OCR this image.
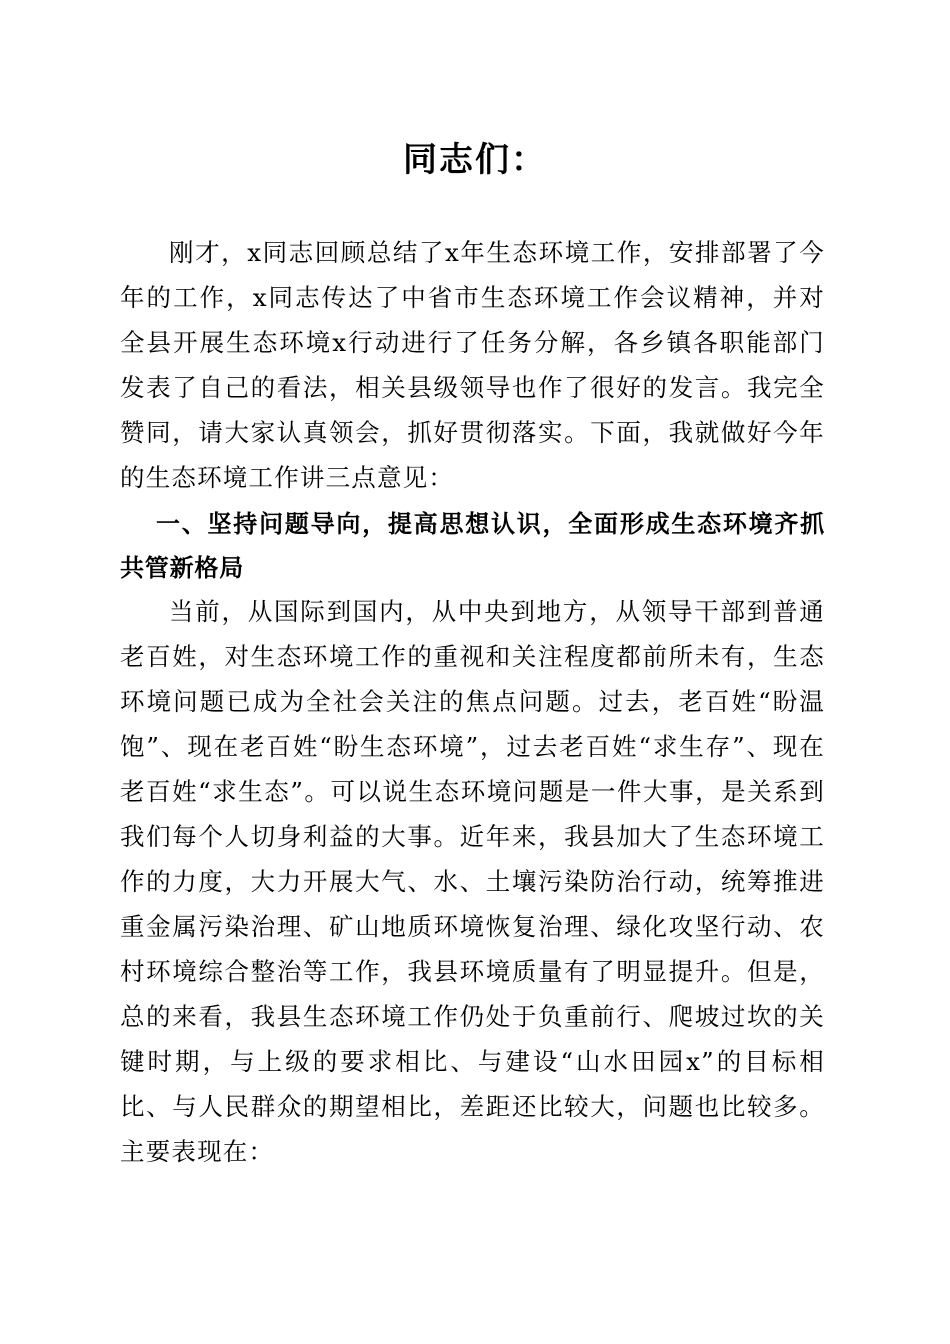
同志们：
刚才，x同志回顾总结了x年生态环境工作，安排部署了今年的工作，x同志传达了中省市生态环境工作会议精神，并对全县开展生态环境x行动进行了任务分解，各乡镇各职能部门发表了自己的看法，相关县级领导也作了很好的发言。我完全赞同，请大家认真领会，抓好贯彻落实。下面，我就做好今年的生态环境工作讲三点意见：
一、坚持问题导向，提高思想认识，全面形成生态环境齐抓共管新格局
当前，从国际到国内，从中央到地方，从领导干部到普通老百姓，对生态环境工作的重视和关注程度都前所未有，生态环境问题已成为全社会关注的焦点问题。过去，老百姓“盼温饱”、现在老百姓“盼生态环境”，过去老百姓“求生存”、现在老百姓“求生态”。可以说生态环境问题是一件大事，是关系到我们每个人切身利益的大事。近年来，我县加大了生态环境工作的力度，大力开展大气、水、土壤污染防治行动，统筹推进重金属污染治理、矿山地质环境恢复治理、绿化攻坚行动、农村环境综合整治等工作，我县环境质量有了明显提升。但是，总的来看，我县生态环境工作仍处于负重前行、爬坡过坎的关键时期，与上级的要求相比、与建设“山水田园x”的目标相比、与人民群众的期望相比，差距还比较大，问题也比较多。主要表现在：
